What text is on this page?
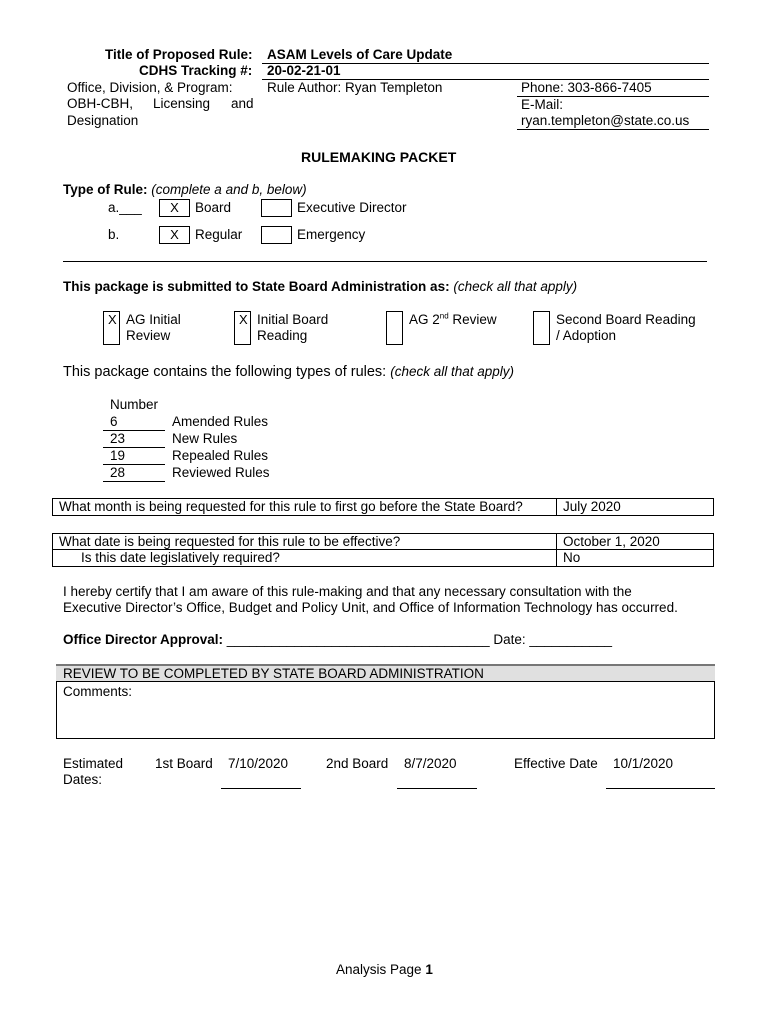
Title of Proposed Rule: ASAM Levels of Care Update
CDHS Tracking #: 20-02-21-01
Office, Division, & Program:
OBH-CBH, Licensing and
Designation
Rule Author: Ryan Templeton	Phone: 303-866-7405
E-Mail:
ryan.templeton@state.co.us
RULEMAKING PACKET
Type of Rule: (complete a and b, below)
a.___	X	Board	Executive Director
b.	X	Regular	Emergency
This package is submitted to State Board Administration as: (check all that apply)
X AG Initial
Review
X Initial Board
Reading
AG 2nd Review	Second Board Reading
/ Adoption
This package contains the following types of rules: (check all that apply)
Number
6	Amended Rules
23	New Rules
19	Repealed Rules
28	Reviewed Rules
What month is being requested for this rule to first go before the State Board?	July 2020
What date is being requested for this rule to be effective?	October 1, 2020
Is this date legislatively required?	No
I hereby certify that I am aware of this rule-making and that any necessary consultation with the
Executive Director’s Office, Budget and Policy Unit, and Office of Information Technology has occurred.
Office Director Approval: ___________________________________ Date: ___________
REVIEW TO BE COMPLETED BY STATE BOARD ADMINISTRATION
Comments:
Estimated
Dates:
1st Board 7/10/2020	2nd Board 8/7/2020	Effective Date 10/1/2020
Analysis Page 1
